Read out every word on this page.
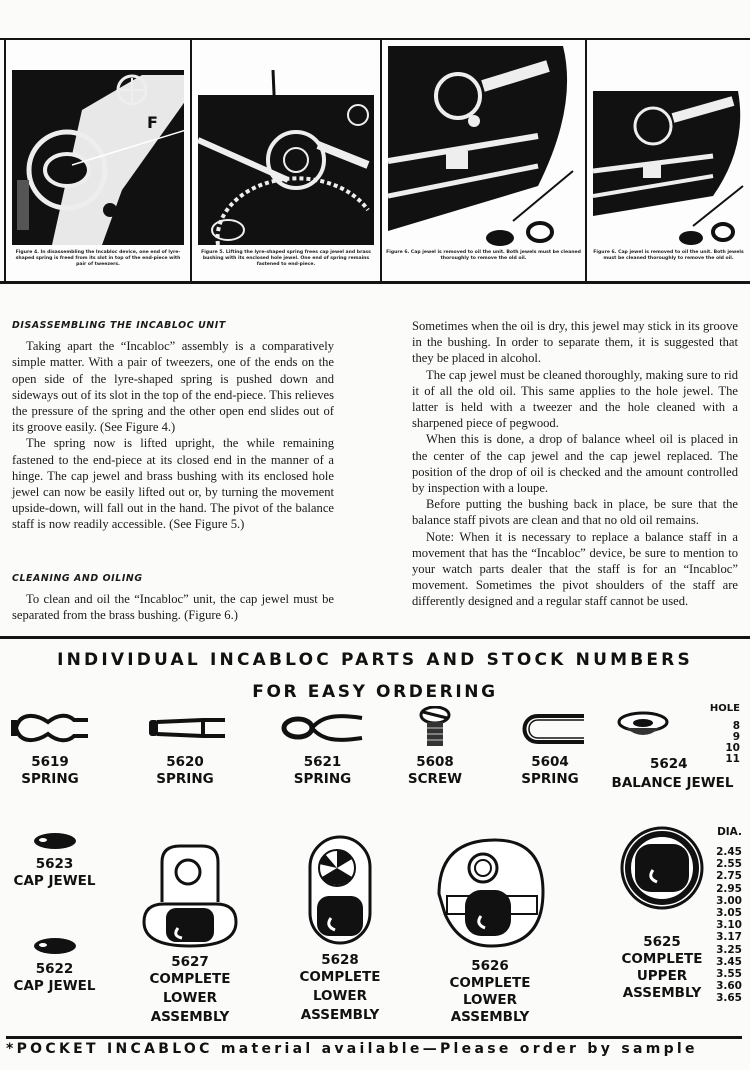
S
F
Figure 4. In disassembling the Incabloc device, one end of lyre-shaped spring is freed from its slot in top of the end-piece with pair of tweezers.
Figure 5. Lifting the lyre-shaped spring frees cap jewel and brass bushing with its enclosed hole jewel. One end of spring remains fastened to end-piece.
Figure 6. Cap jewel is removed to oil the unit. Both jewels must be cleaned thoroughly to remove the old oil.
Figure 6. Cap jewel is removed to oil the unit. Both jewels must be cleaned thoroughly to remove the old oil.

DISASSEMBLING THE INCABLOC UNIT

Taking apart the “Incabloc” assembly is a comparatively simple matter. With a pair of tweezers, one of the ends on the open side of the lyre-shaped spring is pushed down and sideways out of its slot in the top of the end-piece. This relieves the pressure of the spring and the other open end slides out of its groove easily. (See Figure 4.)

The spring now is lifted upright, the while remaining fastened to the end-piece at its closed end in the manner of a hinge. The cap jewel and brass bushing with its enclosed hole jewel can now be easily lifted out or, by turning the movement upside-down, will fall out in the hand. The pivot of the balance staff is now readily accessible. (See Figure 5.)

CLEANING AND OILING

To clean and oil the “Incabloc” unit, the cap jewel must be separated from the brass bushing. (Figure 6.)

Sometimes when the oil is dry, this jewel may stick in its groove in the bushing. In order to separate them, it is suggested that they be placed in alcohol.

The cap jewel must be cleaned thoroughly, making sure to rid it of all the old oil. This same applies to the hole jewel. The latter is held with a tweezer and the hole cleaned with a sharpened piece of pegwood.

When this is done, a drop of balance wheel oil is placed in the center of the cap jewel and the cap jewel replaced. The position of the drop of oil is checked and the amount controlled by inspection with a loupe.

Before putting the bushing back in place, be sure that the balance staff pivots are clean and that no old oil remains.

Note: When it is necessary to replace a balance staff in a movement that has the “Incabloc” device, be sure to mention to your watch parts dealer that the staff is for an “Incabloc” movement. Sometimes the pivot shoulders of the staff are differently designed and a regular staff cannot be used.

INDIVIDUAL INCABLOC PARTS AND STOCK NUMBERS
FOR EASY ORDERING
5619
SPRING
5620
SPRING
5621
SPRING
5608
SCREW
5604
SPRING
5624
BALANCE JEWEL
HOLE
8
9
10
11
5623
CAP JEWEL
5622
CAP JEWEL
5627
COMPLETE
LOWER
ASSEMBLY
5628
COMPLETE
LOWER
ASSEMBLY
5626
COMPLETE
LOWER
ASSEMBLY
5625
COMPLETE
UPPER
ASSEMBLY
DIA.
2.45
2.55
2.75
2.95
3.00
3.05
3.10
3.17
3.25
3.45
3.55
3.60
3.65
*POCKET INCABLOC material available—Please order by sample
